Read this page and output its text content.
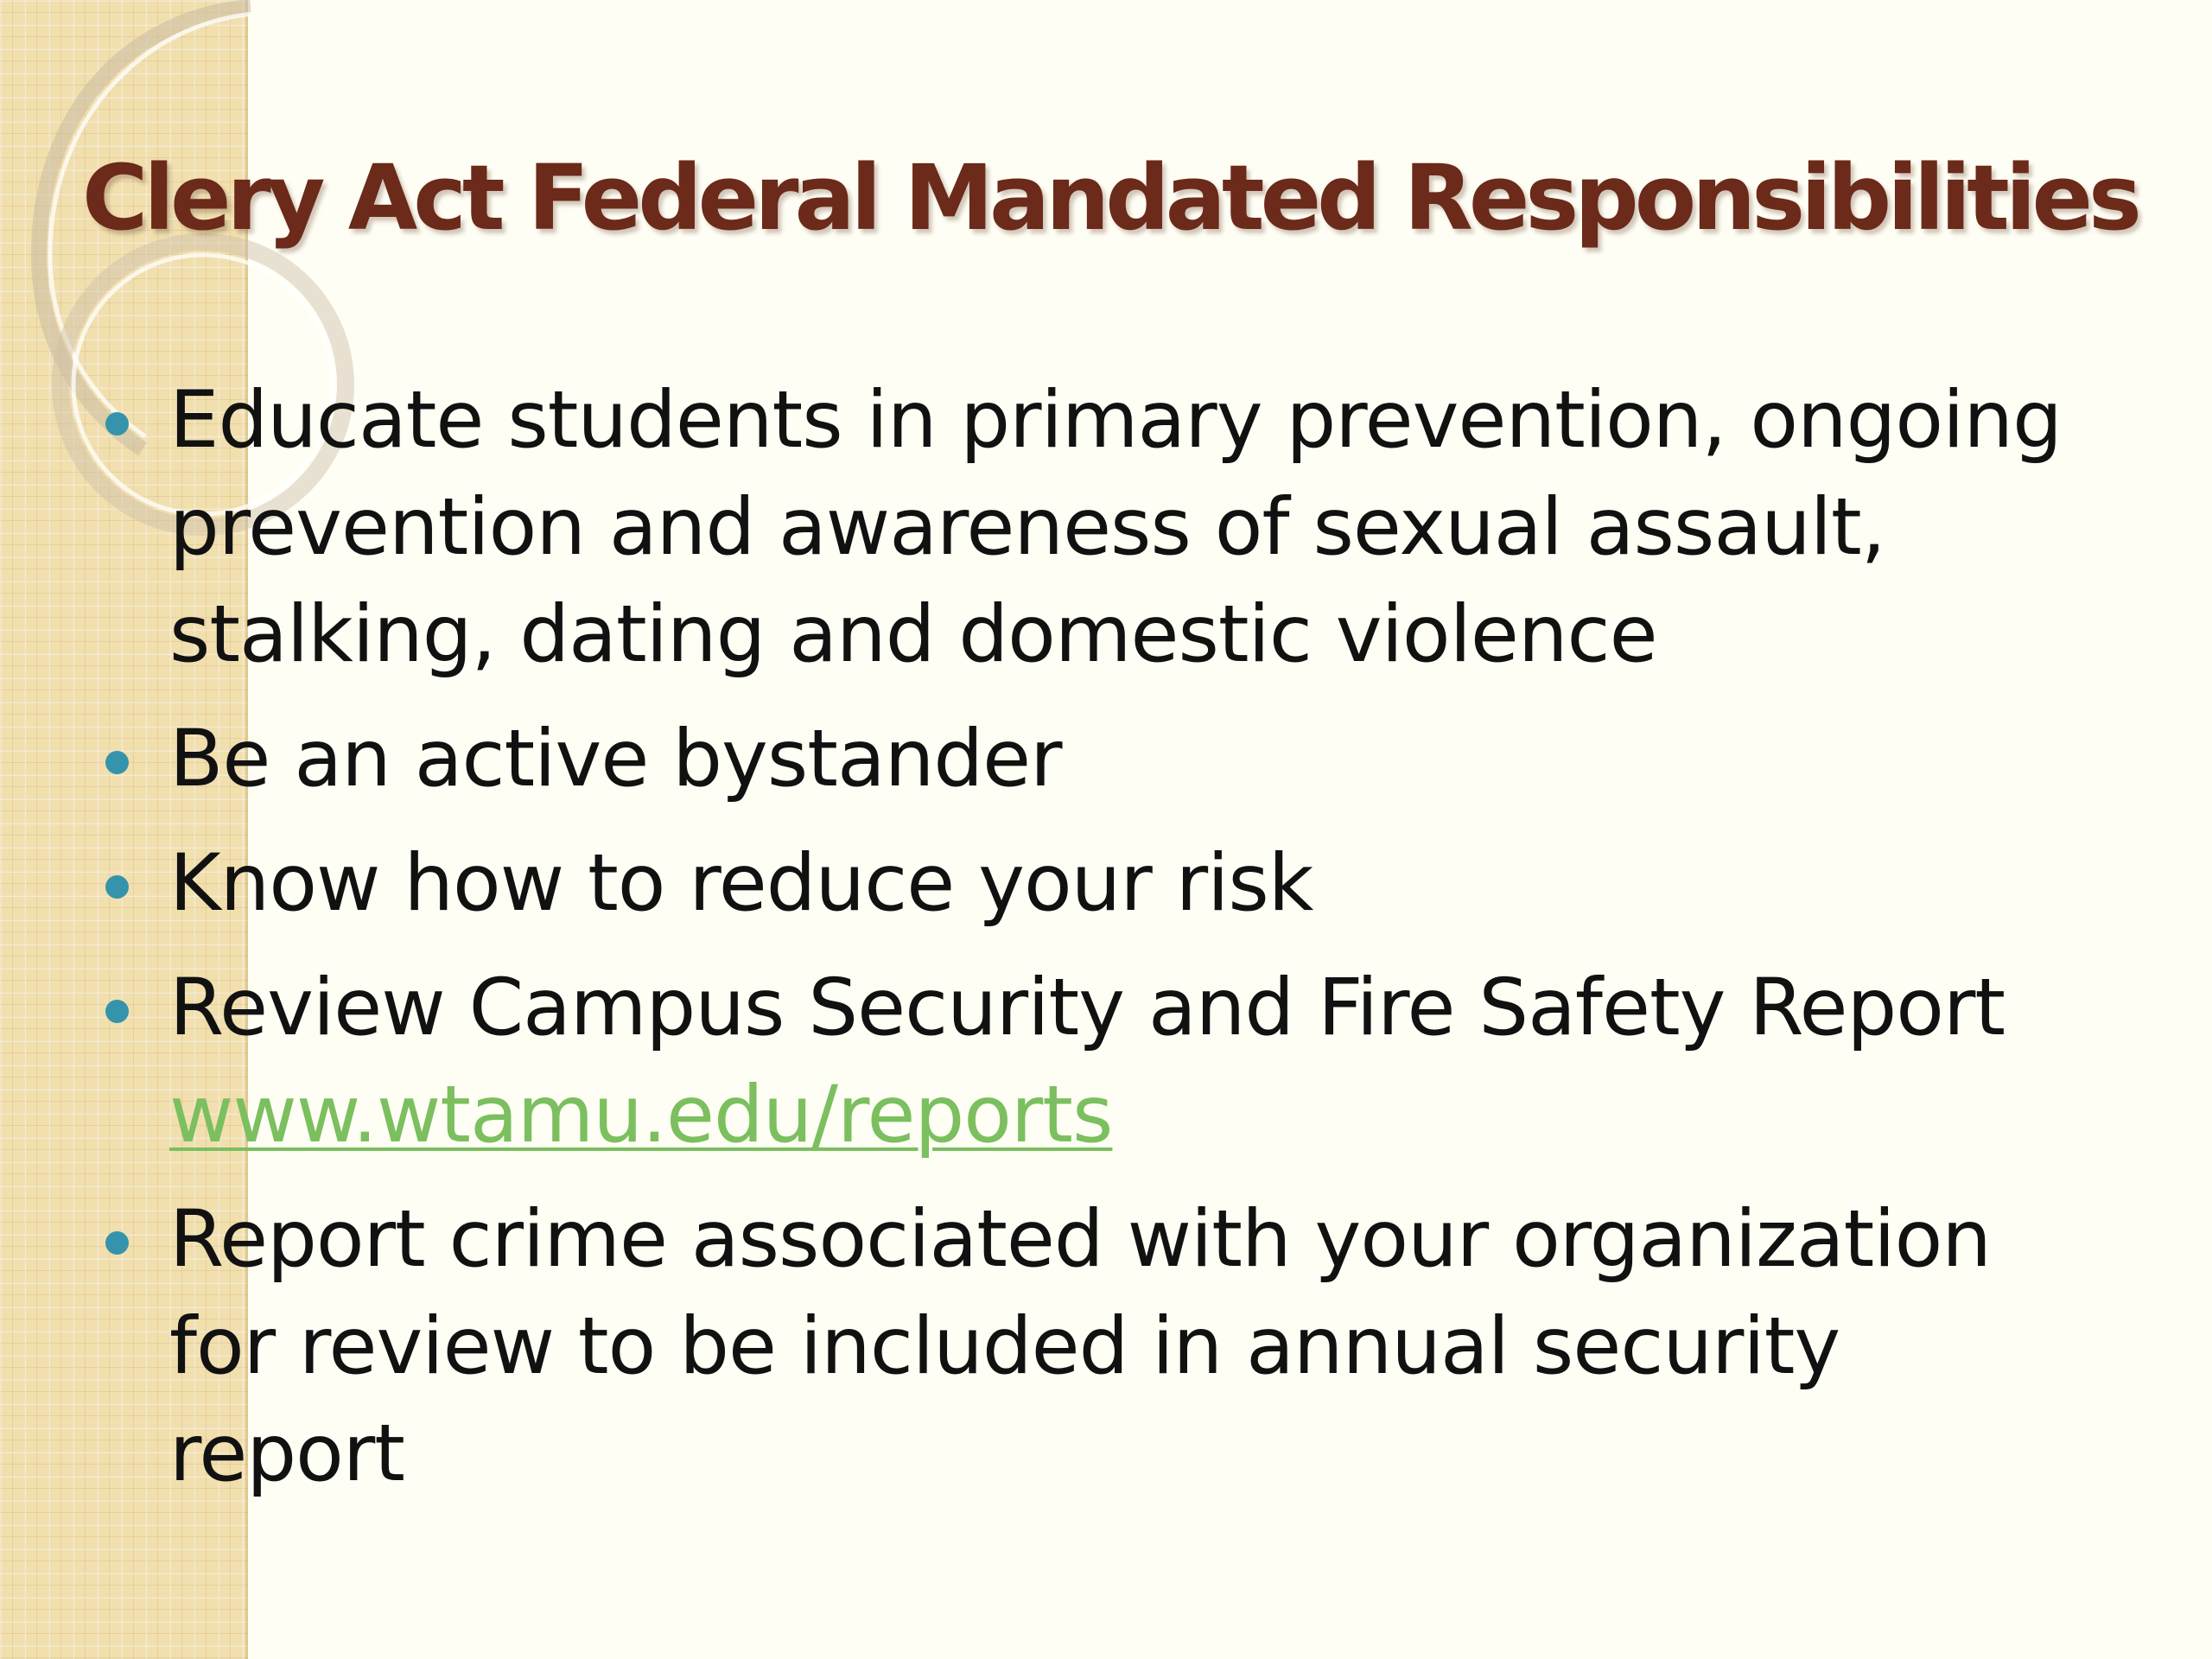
Clery Act Federal Mandated Responsibilities
Educate students in primary prevention, ongoing
prevention and awareness of sexual assault,
stalking, dating and domestic violence
Be an active bystander
Know how to reduce your risk
Review Campus Security and Fire Safety Report
www.wtamu.edu/reports
Report crime associated with your organization
for review to be included in annual security
report
